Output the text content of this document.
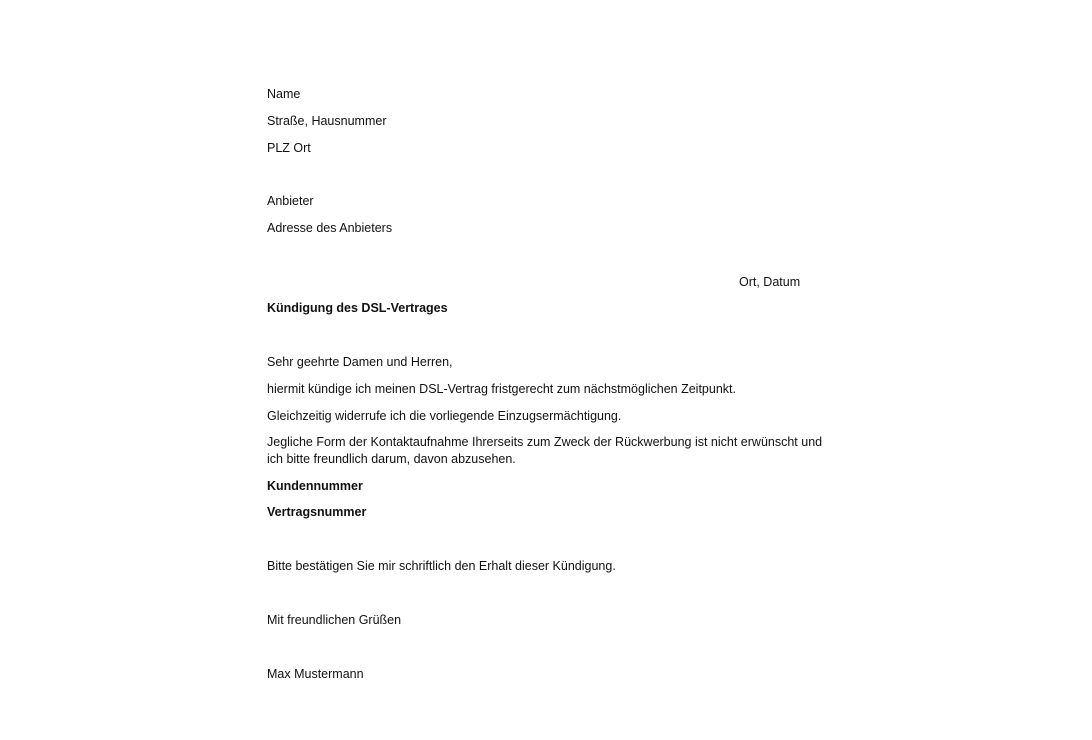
Name
Straße, Hausnummer
PLZ Ort
Anbieter
Adresse des Anbieters
Ort, Datum
Kündigung des DSL-Vertrages
Sehr geehrte Damen und Herren,
hiermit kündige ich meinen DSL-Vertrag fristgerecht zum nächstmöglichen Zeitpunkt.
Gleichzeitig widerrufe ich die vorliegende Einzugsermächtigung.
Jegliche Form der Kontaktaufnahme Ihrerseits zum Zweck der Rückwerbung ist nicht erwünscht und ich bitte freundlich darum, davon abzusehen.
Kundennummer
Vertragsnummer
Bitte bestätigen Sie mir schriftlich den Erhalt dieser Kündigung.
Mit freundlichen Grüßen
Max Mustermann
